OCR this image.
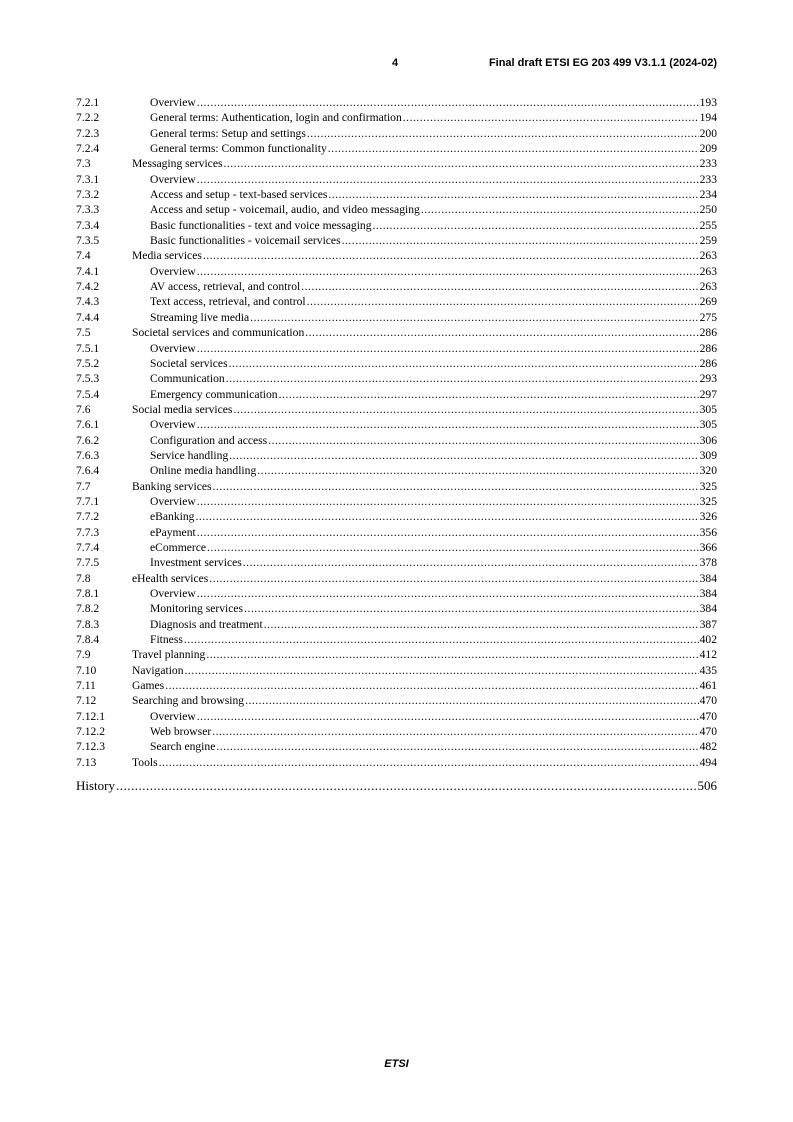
4	Final draft ETSI EG 203 499 V3.1.1 (2024-02)
7.2.1	Overview .....	193
7.2.2	General terms: Authentication, login and confirmation .....	194
7.2.3	General terms: Setup and settings .....	200
7.2.4	General terms: Common functionality .....	209
7.3	Messaging services .....	233
7.3.1	Overview .....	233
7.3.2	Access and setup - text-based services .....	234
7.3.3	Access and setup - voicemail, audio, and video messaging .....	250
7.3.4	Basic functionalities - text and voice messaging .....	255
7.3.5	Basic functionalities - voicemail services .....	259
7.4	Media services .....	263
7.4.1	Overview .....	263
7.4.2	AV access, retrieval, and control .....	263
7.4.3	Text access, retrieval, and control .....	269
7.4.4	Streaming live media .....	275
7.5	Societal services and communication .....	286
7.5.1	Overview .....	286
7.5.2	Societal services .....	286
7.5.3	Communication .....	293
7.5.4	Emergency communication .....	297
7.6	Social media services .....	305
7.6.1	Overview .....	305
7.6.2	Configuration and access .....	306
7.6.3	Service handling .....	309
7.6.4	Online media handling .....	320
7.7	Banking services .....	325
7.7.1	Overview .....	325
7.7.2	eBanking .....	326
7.7.3	ePayment .....	356
7.7.4	eCommerce .....	366
7.7.5	Investment services .....	378
7.8	eHealth services .....	384
7.8.1	Overview .....	384
7.8.2	Monitoring services .....	384
7.8.3	Diagnosis and treatment .....	387
7.8.4	Fitness .....	402
7.9	Travel planning .....	412
7.10	Navigation .....	435
7.11	Games .....	461
7.12	Searching and browsing .....	470
7.12.1	Overview .....	470
7.12.2	Web browser .....	470
7.12.3	Search engine .....	482
7.13	Tools .....	494
History .....	506
ETSI
